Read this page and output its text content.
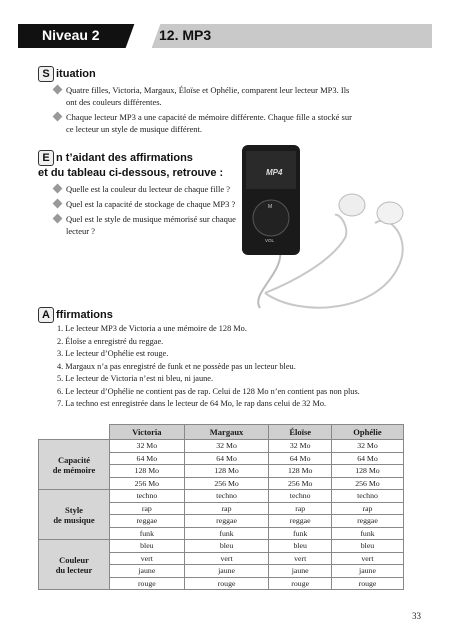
Niveau 2	12. MP3
S ituation
Quatre filles, Victoria, Margaux, Éloïse et Ophélie, comparent leur lecteur MP3. Ils ont des couleurs différentes.
Chaque lecteur MP3 a une capacité de mémoire différente. Chaque fille a stocké sur ce lecteur un style de musique différent.
E n t’aidant des affirmations
et du tableau ci-dessous, retrouve :
Quelle est la couleur du lecteur de chaque fille ?
Quel est la capacité de stockage de chaque MP3 ?
Quel est le style de musique mémorisé sur chaque lecteur ?
MP4
M
VOL
A ffirmations
1. Le lecteur MP3 de Victoria a une mémoire de 128 Mo.
2. Éloïse a enregistré du reggae.
3. Le lecteur d’Ophélie est rouge.
4. Margaux n’a pas enregistré de funk et ne possède pas un lecteur bleu.
5. Le lecteur de Victoria n’est ni bleu, ni jaune.
6. Le lecteur d’Ophélie ne contient pas de rap. Celui de 128 Mo n’en contient pas non plus.
7. La techno est enregistrée dans le lecteur de 64 Mo, le rap dans celui de 32 Mo.
	Victoria	Margaux	Éloïse	Ophélie
Capacité
de mémoire	32 Mo	32 Mo	32 Mo	32 Mo
	64 Mo	64 Mo	64 Mo	64 Mo
	128 Mo	128 Mo	128 Mo	128 Mo
	256 Mo	256 Mo	256 Mo	256 Mo
Style
de musique	techno	techno	techno	techno
	rap	rap	rap	rap
	reggae	reggae	reggae	reggae
	funk	funk	funk	funk
Couleur
du lecteur	bleu	bleu	bleu	bleu
	vert	vert	vert	vert
	jaune	jaune	jaune	jaune
	rouge	rouge	rouge	rouge
33
